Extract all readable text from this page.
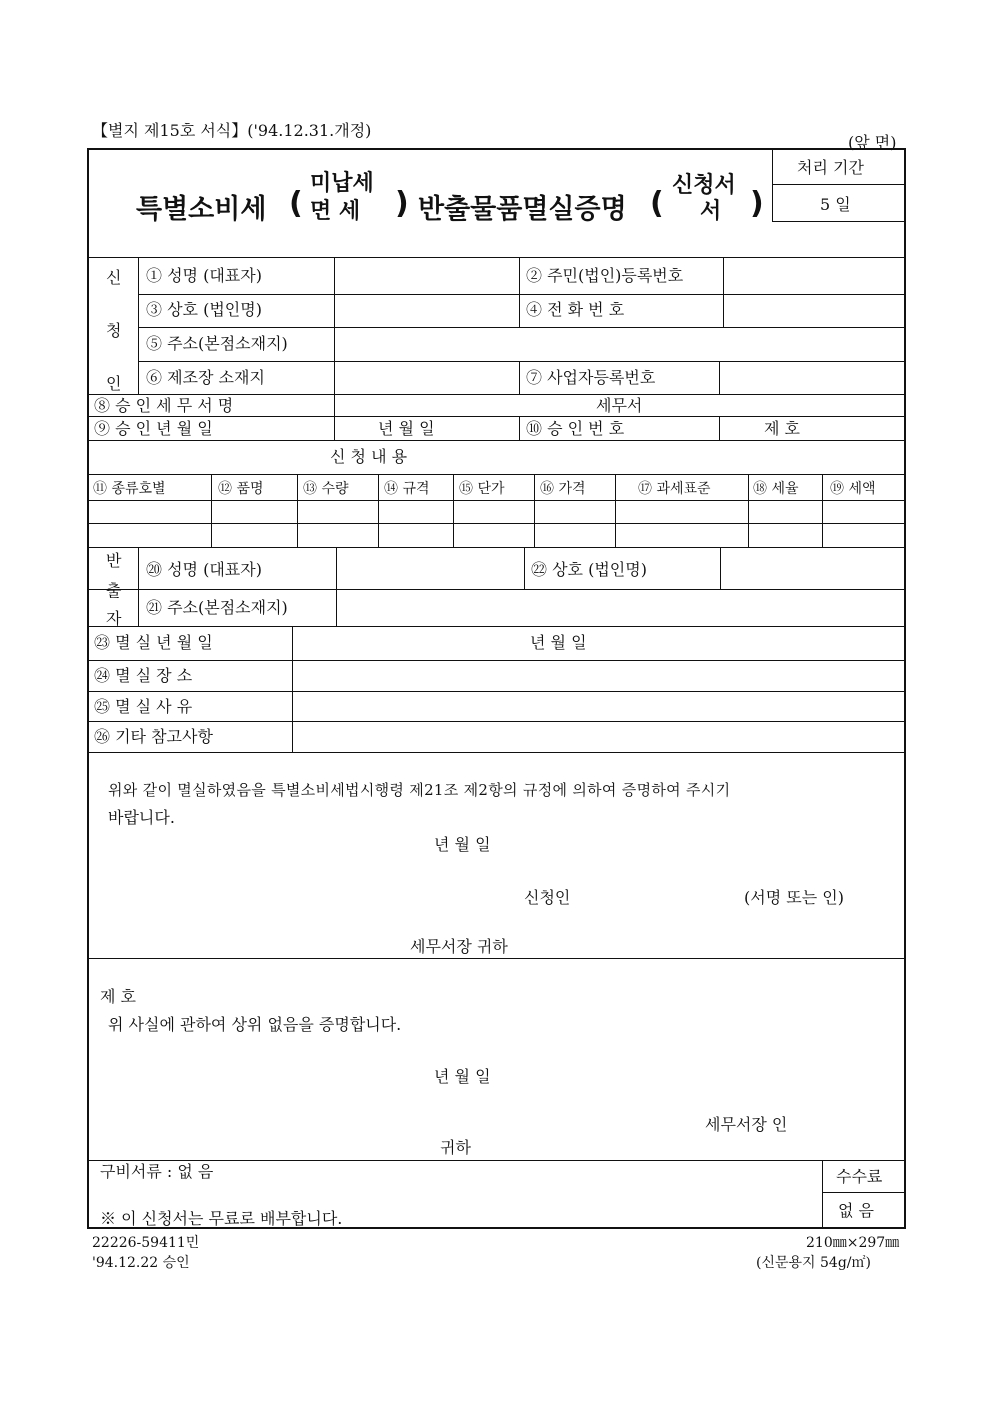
【별지 제15호 서식】('94.12.31.개정)
(앞 면)
특별소비세 (
미납세
면 세 ) 반출물품멸실증명 (
신청서
서 )
처리 기간
5 일
신
청
인
① 성명 (대표자)	② 주민(법인)등록번호
③ 상호 (법인명)	④ 전 화 번 호
⑤ 주소(본점소재지)
⑥ 제조장 소재지	⑦ 사업자등록번호
⑧ 승 인 세 무 서 명	세무서
⑨ 승 인 년 월 일	년 월 일	⑩ 승 인 번 호	제 호
신 청 내 용
⑪ 종류호별	⑫ 품명	⑬ 수량	⑭ 규격 ⑮ 단가	⑯ 가격	⑰ 과세표준	⑱ 세율 ⑲ 세액
반
출
자
⑳ 성명 (대표자)	㉒ 상호 (법인명)
㉑ 주소(본점소재지)
㉓ 멸 실 년 월 일	년 월 일
㉔ 멸 실 장 소
㉕ 멸 실 사 유
㉖ 기타 참고사항
위와 같이 멸실하였음을 특별소비세법시행령 제21조 제2항의 규정에 의하여 증명하여 주시기
바랍니다.
년 월 일
신청인	(서명 또는 인)
세무서장 귀하
제 호
위 사실에 관하여 상위 없음을 증명합니다.
년 월 일
세무서장 인
귀하
구비서류 : 없 음
※ 이 신청서는 무료로 배부합니다.
수수료
없 음
22226-59411민
'94.12.22 승인
210㎜×297㎜
(신문용지 54g/㎡)
